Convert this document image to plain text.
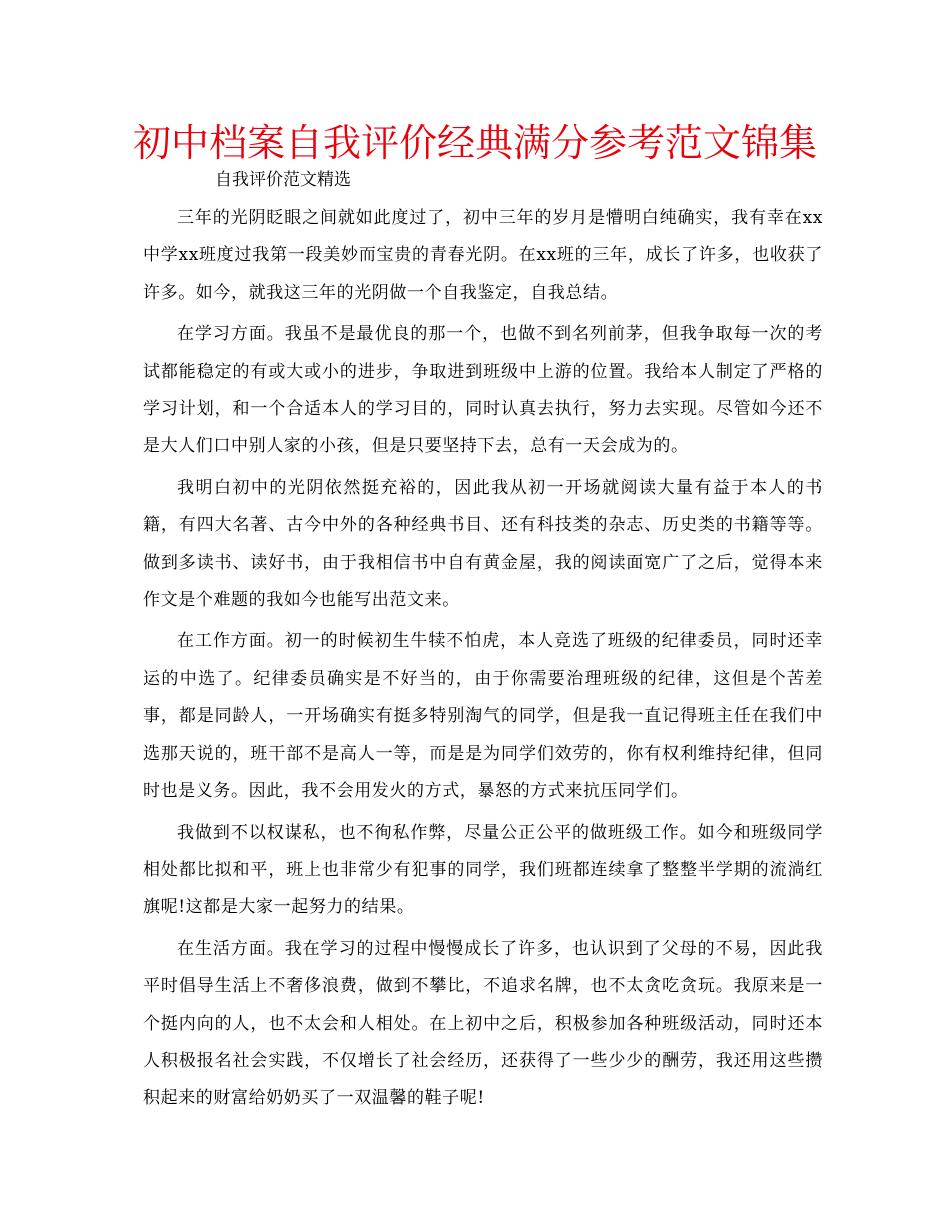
初中档案自我评价经典满分参考范文锦集

自我评价范文精选

三年的光阴眨眼之间就如此度过了，初中三年的岁月是懵明白纯确实，我有幸在xx中学xx班度过我第一段美妙而宝贵的青春光阴。在xx班的三年，成长了许多，也收获了许多。如今，就我这三年的光阴做一个自我鉴定，自我总结。

在学习方面。我虽不是最优良的那一个，也做不到名列前茅，但我争取每一次的考试都能稳定的有或大或小的进步，争取进到班级中上游的位置。我给本人制定了严格的学习计划，和一个合适本人的学习目的，同时认真去执行，努力去实现。尽管如今还不是大人们口中别人家的小孩，但是只要坚持下去，总有一天会成为的。

我明白初中的光阴依然挺充裕的，因此我从初一开场就阅读大量有益于本人的书籍，有四大名著、古今中外的各种经典书目、还有科技类的杂志、历史类的书籍等等。做到多读书、读好书，由于我相信书中自有黄金屋，我的阅读面宽广了之后，觉得本来作文是个难题的我如今也能写出范文来。

在工作方面。初一的时候初生牛犊不怕虎，本人竞选了班级的纪律委员，同时还幸运的中选了。纪律委员确实是不好当的，由于你需要治理班级的纪律，这但是个苦差事，都是同龄人，一开场确实有挺多特别淘气的同学，但是我一直记得班主任在我们中选那天说的，班干部不是高人一等，而是是为同学们效劳的，你有权利维持纪律，但同时也是义务。因此，我不会用发火的方式，暴怒的方式来抗压同学们。

我做到不以权谋私，也不徇私作弊，尽量公正公平的做班级工作。如今和班级同学相处都比拟和平，班上也非常少有犯事的同学，我们班都连续拿了整整半学期的流淌红旗呢!这都是大家一起努力的结果。

在生活方面。我在学习的过程中慢慢成长了许多，也认识到了父母的不易，因此我平时倡导生活上不奢侈浪费，做到不攀比，不追求名牌，也不太贪吃贪玩。我原来是一个挺内向的人，也不太会和人相处。在上初中之后，积极参加各种班级活动，同时还本人积极报名社会实践，不仅增长了社会经历，还获得了一些少少的酬劳，我还用这些攒积起来的财富给奶奶买了一双温馨的鞋子呢!
